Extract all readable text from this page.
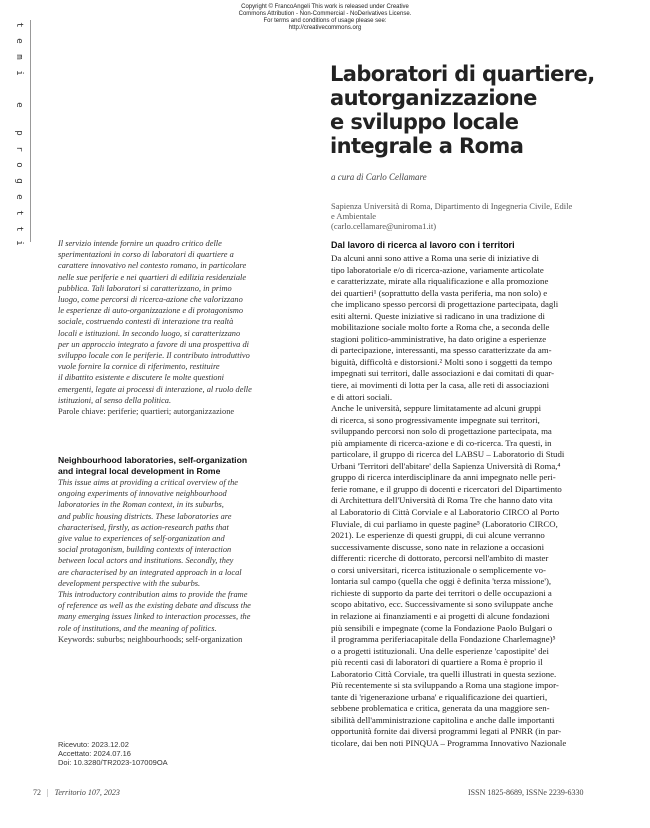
Copyright © FrancoAngeli This work is released under Creative
Commons Attribution - Non-Commercial - NoDerivatives License.
For terms and conditions of usage please see:
http://creativecommons.org
t
e
m
i
e
p
r
o
g
e
t
t
i
Laboratori di quartiere,
autorganizzazione
e sviluppo locale
integrale a Roma
a cura di Carlo Cellamare
Sapienza Università di Roma, Dipartimento di Ingegneria Civile, Edile
e Ambientale
(carlo.cellamare@uniroma1.it)
Il servizio intende fornire un quadro critico delle
sperimentazioni in corso di laboratori di quartiere a
carattere innovativo nel contesto romano, in particolare
nelle sue periferie e nei quartieri di edilizia residenziale
pubblica. Tali laboratori si caratterizzano, in primo
luogo, come percorsi di ricerca-azione che valorizzano
le esperienze di auto-organizzazione e di protagonismo
sociale, costruendo contesti di interazione tra realtà
locali e istituzioni. In secondo luogo, si caratterizzano
per un approccio integrato a favore di una prospettiva di
sviluppo locale con le periferie. Il contributo introduttivo
vuole fornire la cornice di riferimento, restituire
il dibattito esistente e discutere le molte questioni
emergenti, legate ai processi di interazione, al ruolo delle
istituzioni, al senso della politica.
Parole chiave: periferie; quartieri; autorganizzazione
Neighbourhood laboratories, self-organization
and integral local development in Rome
This issue aims at providing a critical overview of the
ongoing experiments of innovative neighbourhood
laboratories in the Roman context, in its suburbs,
and public housing districts. These laboratories are
characterised, firstly, as action-research paths that
give value to experiences of self-organization and
social protagonism, building contexts of interaction
between local actors and institutions. Secondly, they
are characterised by an integrated approach in a local
development perspective with the suburbs.
This introductory contribution aims to provide the frame
of reference as well as the existing debate and discuss the
many emerging issues linked to interaction processes, the
role of institutions, and the meaning of politics.
Keywords: suburbs; neighbourhoods; self-organization
Ricevuto: 2023.12.02
Accettato: 2024.07.16
Doi: 10.3280/TR2023-107009OA
Dal lavoro di ricerca al lavoro con i territori
Da alcuni anni sono attive a Roma una serie di iniziative di
tipo laboratoriale e/o di ricerca-azione, variamente articolate
e caratterizzate, mirate alla riqualificazione e alla promozione
dei quartieri¹ (soprattutto della vasta periferia, ma non solo) e
che implicano spesso percorsi di progettazione partecipata, dagli
esiti alterni. Queste iniziative si radicano in una tradizione di
mobilitazione sociale molto forte a Roma che, a seconda delle
stagioni politico-amministrative, ha dato origine a esperienze
di partecipazione, interessanti, ma spesso caratterizzate da am-
biguità, difficoltà e distorsioni.² Molti sono i soggetti da tempo
impegnati sui territori, dalle associazioni e dai comitati di quar-
tiere, ai movimenti di lotta per la casa, alle reti di associazioni
e di attori sociali.
Anche le università, seppure limitatamente ad alcuni gruppi
di ricerca, si sono progressivamente impegnate sui territori,
sviluppando percorsi non solo di progettazione partecipata, ma
più ampiamente di ricerca-azione e di co-ricerca. Tra questi, in
particolare, il gruppo di ricerca del LABSU – Laboratorio di Studi
Urbani 'Territori dell'abitare' della Sapienza Università di Roma,⁴
gruppo di ricerca interdisciplinare da anni impegnato nelle peri-
ferie romane, e il gruppo di docenti e ricercatori del Dipartimento
di Architettura dell'Università di Roma Tre che hanno dato vita
al Laboratorio di Città Corviale e al Laboratorio CIRCO al Porto
Fluviale, di cui parliamo in queste pagine⁵ (Laboratorio CIRCO,
2021). Le esperienze di questi gruppi, di cui alcune verranno
successivamente discusse, sono nate in relazione a occasioni
differenti: ricerche di dottorato, percorsi nell'ambito di master
o corsi universitari, ricerca istituzionale o semplicemente vo-
lontaria sul campo (quella che oggi è definita 'terza missione'),
richieste di supporto da parte dei territori o delle occupazioni a
scopo abitativo, ecc. Successivamente si sono sviluppate anche
in relazione ai finanziamenti e ai progetti di alcune fondazioni
più sensibili e impegnate (come la Fondazione Paolo Bulgari o
il programma periferiacapitale della Fondazione Charlemagne)⁵
o a progetti istituzionali. Una delle esperienze 'capostipite' dei
più recenti casi di laboratori di quartiere a Roma è proprio il
Laboratorio Città Corviale, tra quelli illustrati in questa sezione.
Più recentemente si sta sviluppando a Roma una stagione impor-
tante di 'rigenerazione urbana' e riqualificazione dei quartieri,
sebbene problematica e critica, generata da una maggiore sen-
sibilità dell'amministrazione capitolina e anche dalle importanti
opportunità fornite dai diversi programmi legati al PNRR (in par-
ticolare, dai ben noti PINQUA – Programma Innovativo Nazionale
72 | Territorio 107, 2023	ISSN 1825-8689, ISSNe 2239-6330
